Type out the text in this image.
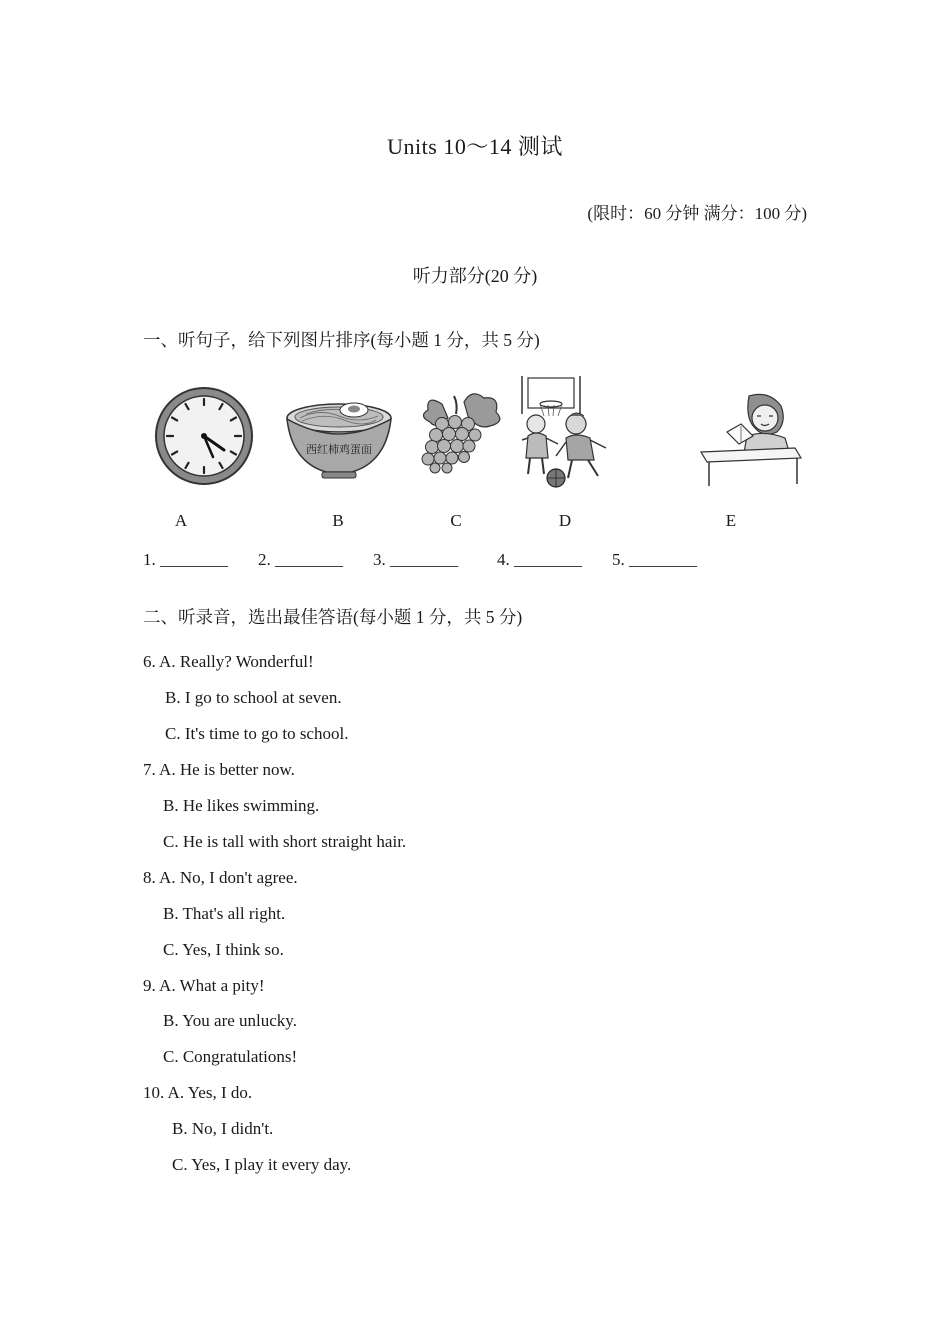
Units 10～14 测试
(限时：60 分钟 满分：100 分)
听力部分(20 分)
一、听句子，给下列图片排序(每小题 1 分，共 5 分)
西红柿鸡蛋面
A	B	C	D	E
1. ________ 2. ________ 3. ________ 4. ________ 5. ________
二、听录音，选出最佳答语(每小题 1 分，共 5 分)
6. A. Really? Wonderful!
B. I go to school at seven.
C. It's time to go to school.
7. A. He is better now.
B. He likes swimming.
C. He is tall with short straight hair.
8. A. No, I don't agree.
B. That's all right.
C. Yes, I think so.
9. A. What a pity!
B. You are unlucky.
C. Congratulations!
10. A. Yes, I do.
B. No, I didn't.
C. Yes, I play it every day.
